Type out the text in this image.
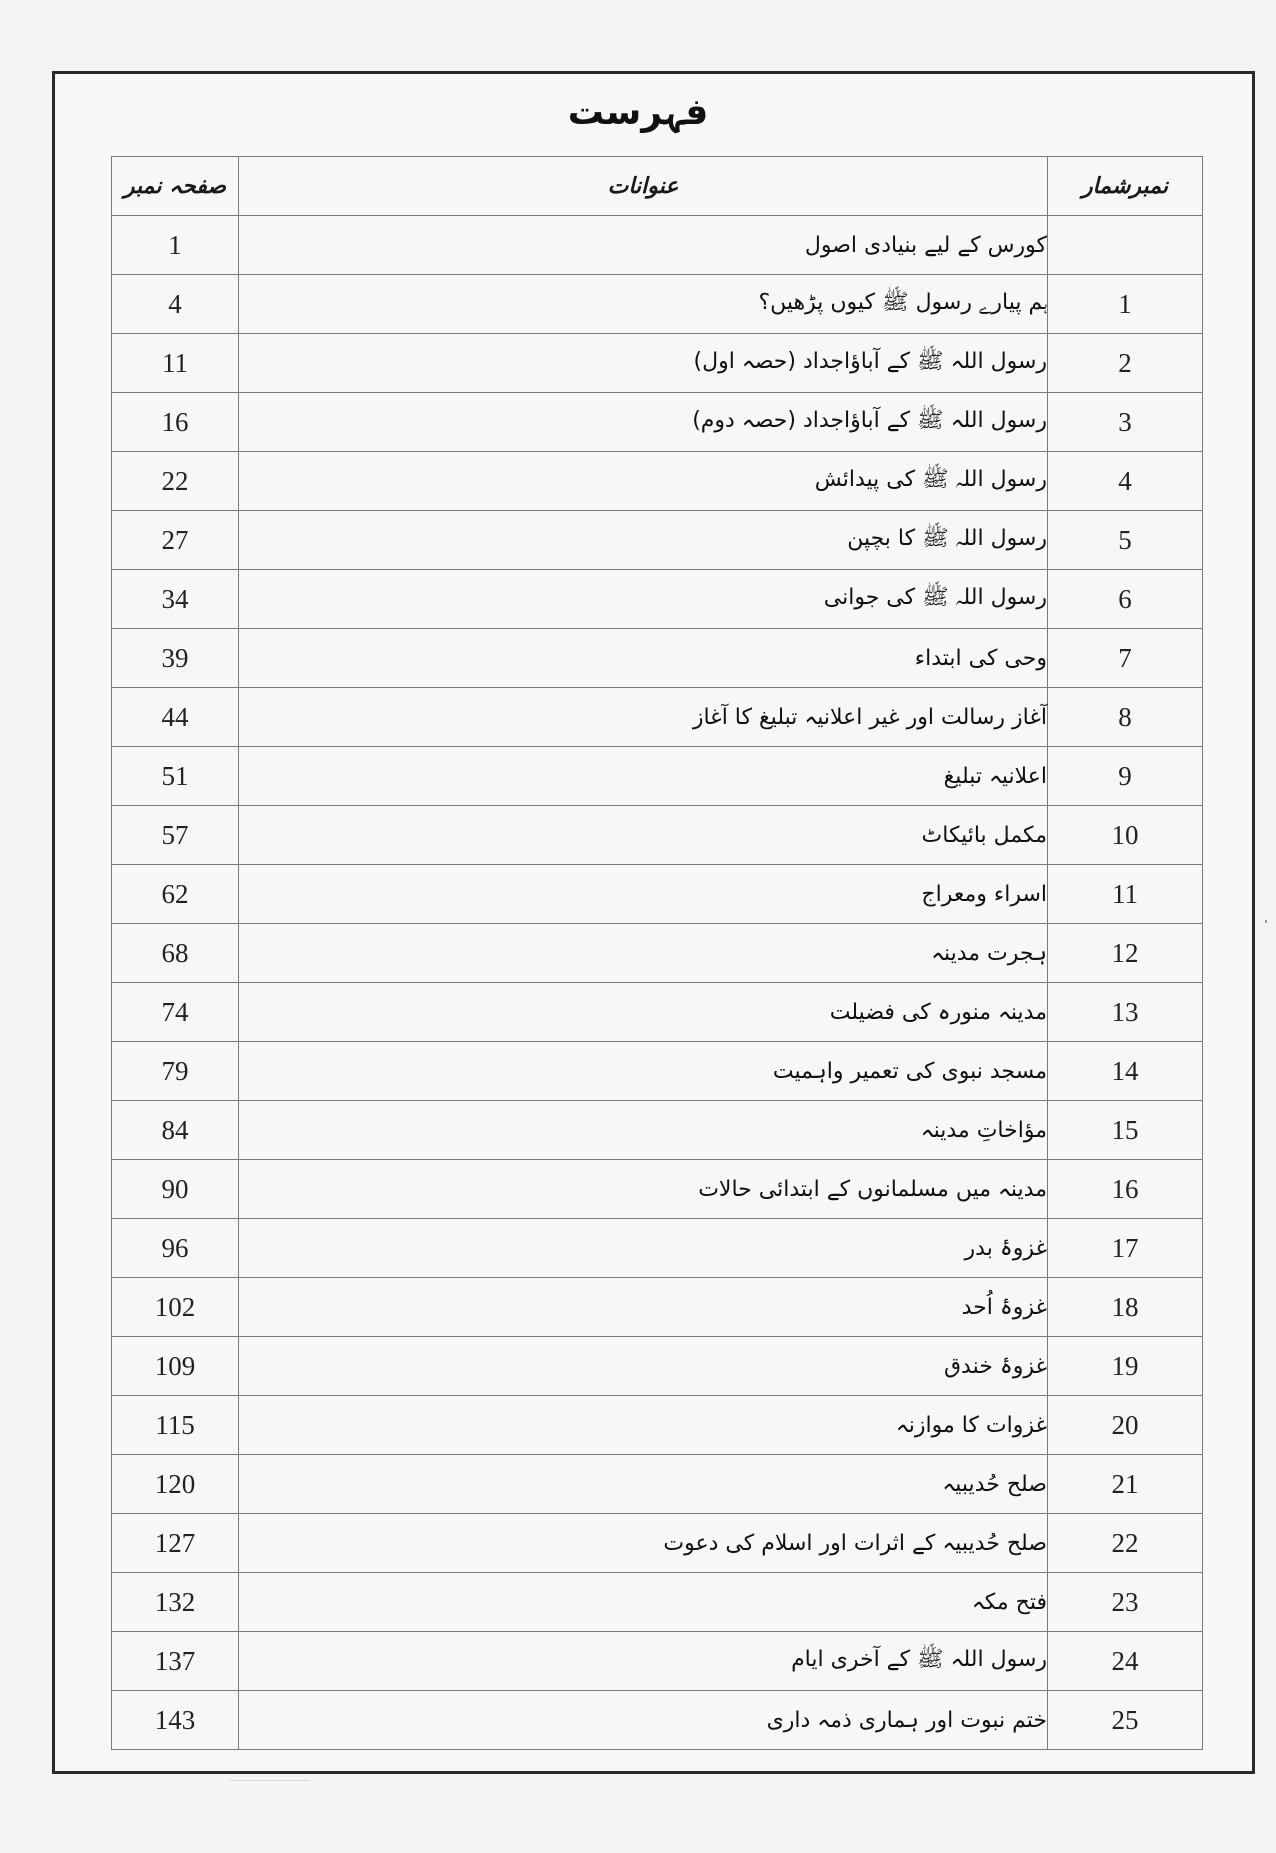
فہرست
صفحہ نمبر	عنوانات	نمبرشمار
1	کورس کے لیے بنیادی اصول	
4	ہم پیارے رسول ﷺ کیوں پڑھیں؟	1
11	رسول اللہ ﷺ کے آباؤاجداد (حصہ اول)	2
16	رسول اللہ ﷺ کے آباؤاجداد (حصہ دوم)	3
22	رسول اللہ ﷺ کی پیدائش	4
27	رسول اللہ ﷺ کا بچپن	5
34	رسول اللہ ﷺ کی جوانی	6
39	وحی کی ابتداء	7
44	آغاز رسالت اور غیر اعلانیہ تبلیغ کا آغاز	8
51	اعلانیہ تبلیغ	9
57	مکمل بائیکاٹ	10
62	اسراء ومعراج	11
68	ہجرت مدینہ	12
74	مدینہ منورہ کی فضیلت	13
79	مسجد نبوی کی تعمیر واہمیت	14
84	مؤاخاتِ مدینہ	15
90	مدینہ میں مسلمانوں کے ابتدائی حالات	16
96	غزوۂ بدر	17
102	غزوۂ اُحد	18
109	غزوۂ خندق	19
115	غزوات کا موازنہ	20
120	صلح حُدیبیہ	21
127	صلح حُدیبیہ کے اثرات اور اسلام کی دعوت	22
132	فتح مکہ	23
137	رسول اللہ ﷺ کے آخری ایام	24
143	ختم نبوت اور ہماری ذمہ داری	25
